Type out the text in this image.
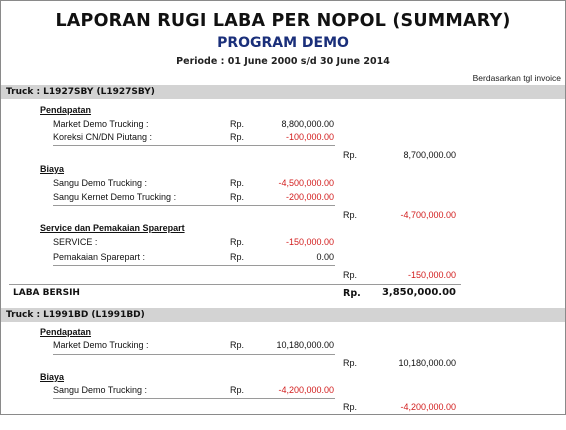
LAPORAN RUGI LABA PER NOPOL (SUMMARY)
PROGRAM DEMO
Periode : 01 June 2000 s/d 30 June 2014
Berdasarkan tgl invoice
Truck : L1927SBY (L1927SBY)
Pendapatan
Market Demo Trucking :	Rp.	8,800,000.00
Koreksi CN/DN Piutang :	Rp.	-100,000.00
Rp.	8,700,000.00
Biaya
Sangu Demo Trucking :	Rp.	-4,500,000.00
Sangu Kernet Demo Trucking :	Rp.	-200,000.00
Rp.	-4,700,000.00
Service dan Pemakaian Sparepart
SERVICE :	Rp.	-150,000.00
Pemakaian Sparepart :	Rp.	0.00
Rp.	-150,000.00
LABA BERSIH	Rp. 3,850,000.00
Truck : L1991BD (L1991BD)
Pendapatan
Market Demo Trucking :	Rp.	10,180,000.00
Rp.	10,180,000.00
Biaya
Sangu Demo Trucking :	Rp.	-4,200,000.00
Rp.	-4,200,000.00
